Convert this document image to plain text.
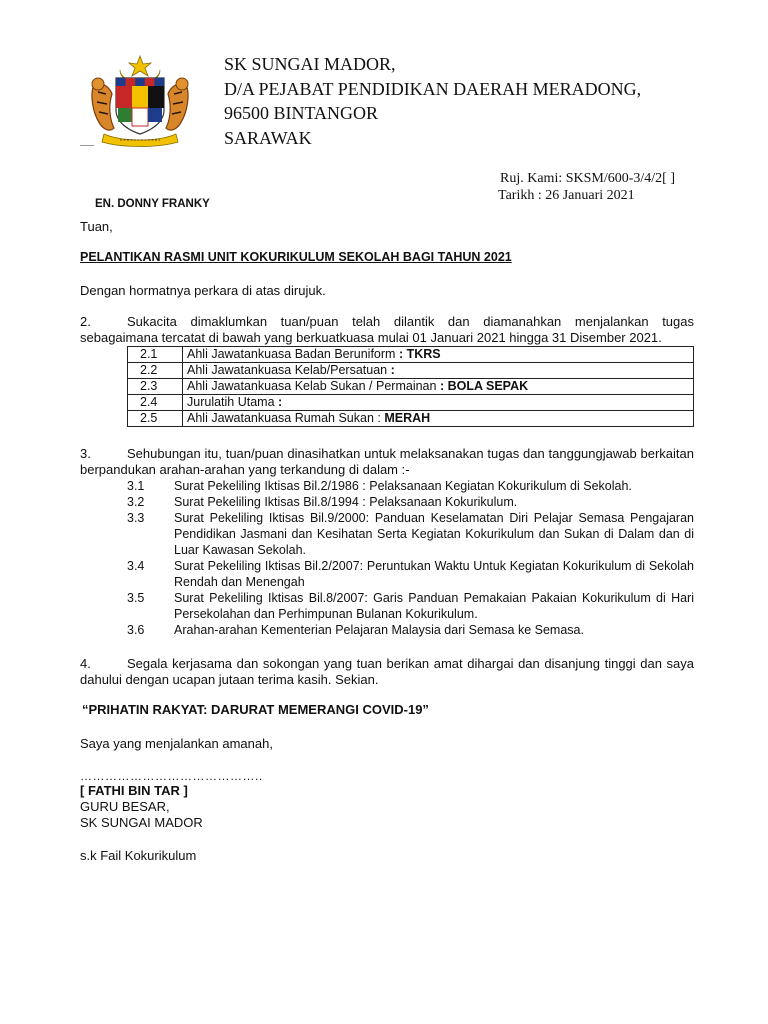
SK SUNGAI MADOR,
D/A PEJABAT PENDIDIKAN DAERAH MERADONG,
96500 BINTANGOR
SARAWAK
Ruj. Kami: SKSM/600-3/4/2[ ]
Tarikh : 26 Januari 2021
EN. DONNY FRANKY
Tuan,
PELANTIKAN RASMI UNIT KOKURIKULUM SEKOLAH BAGI TAHUN 2021
Dengan hormatnya perkara di atas dirujuk.
2.	Sukacita dimaklumkan tuan/puan telah dilantik dan diamanahkan menjalankan tugas sebagaimana tercatat di bawah yang berkuatkuasa mulai 01 Januari 2021 hingga 31 Disember 2021.
2.1	Ahli Jawatankuasa Badan Beruniform : TKRS
2.2	Ahli Jawatankuasa Kelab/Persatuan :
2.3	Ahli Jawatankuasa Kelab Sukan / Permainan : BOLA SEPAK
2.4	Jurulatih Utama :
2.5	Ahli Jawatankuasa Rumah Sukan : MERAH
3.	Sehubungan itu, tuan/puan dinasihatkan untuk melaksanakan tugas dan tanggungjawab berkaitan berpandukan arahan-arahan yang terkandung di dalam :-
3.1	Surat Pekeliling Iktisas Bil.2/1986 : Pelaksanaan Kegiatan Kokurikulum di Sekolah.
3.2	Surat Pekeliling Iktisas Bil.8/1994 : Pelaksanaan Kokurikulum.
3.3	Surat Pekeliling Iktisas Bil.9/2000: Panduan Keselamatan Diri Pelajar Semasa Pengajaran Pendidikan Jasmani dan Kesihatan Serta Kegiatan Kokurikulum dan Sukan di Dalam dan di Luar Kawasan Sekolah.
3.4	Surat Pekeliling Iktisas Bil.2/2007: Peruntukan Waktu Untuk Kegiatan Kokurikulum di Sekolah Rendah dan Menengah
3.5	Surat Pekeliling Iktisas Bil.8/2007: Garis Panduan Pemakaian Pakaian Kokurikulum di Hari Persekolahan dan Perhimpunan Bulanan Kokurikulum.
3.6	Arahan-arahan Kementerian Pelajaran Malaysia dari Semasa ke Semasa.
4.	Segala kerjasama dan sokongan yang tuan berikan amat dihargai dan disanjung tinggi dan saya dahului dengan ucapan jutaan terima kasih. Sekian.
“PRIHATIN RAKYAT: DARURAT MEMERANGI COVID-19”
Saya yang menjalankan amanah,
……………………………………..
[ FATHI BIN TAR ]
GURU BESAR,
SK SUNGAI MADOR
s.k Fail Kokurikulum
